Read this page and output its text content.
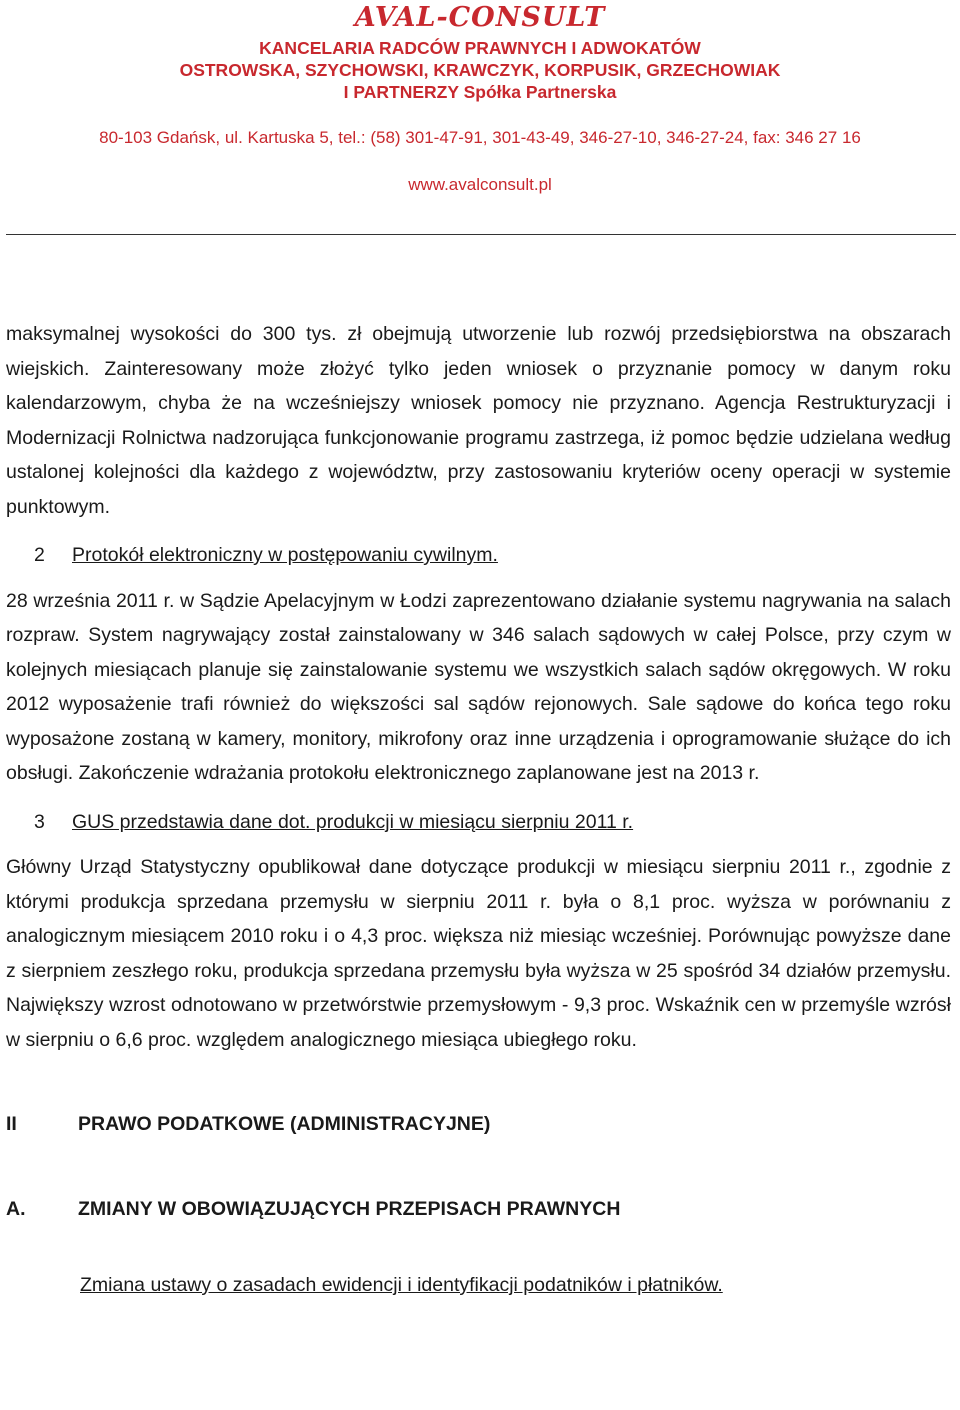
AVAL-CONSULT
KANCELARIA RADCÓW PRAWNYCH I ADWOKATÓW
OSTROWSKA, SZYCHOWSKI, KRAWCZYK, KORPUSIK, GRZECHOWIAK
I PARTNERZY Spółka Partnerska
80-103 Gdańsk, ul. Kartuska 5, tel.: (58) 301-47-91, 301-43-49, 346-27-10, 346-27-24, fax: 346 27 16
www.avalconsult.pl

maksymalnej wysokości do 300 tys. zł obejmują utworzenie lub rozwój przedsiębiorstwa na obszarach wiejskich. Zainteresowany może złożyć tylko jeden wniosek o przyznanie pomocy w danym roku kalendarzowym, chyba że na wcześniejszy wniosek pomocy nie przyznano. Agencja Restrukturyzacji i Modernizacji Rolnictwa nadzorująca funkcjonowanie programu zastrzega, iż pomoc będzie udzielana według ustalonej kolejności dla każdego z województw, przy zastosowaniu kryteriów oceny operacji w systemie punktowym.

2	Protokół elektroniczny w postępowaniu cywilnym.

28 września 2011 r. w Sądzie Apelacyjnym w Łodzi zaprezentowano działanie systemu nagrywania na salach rozpraw. System nagrywający został zainstalowany w 346 salach sądowych w całej Polsce, przy czym w kolejnych miesiącach planuje się zainstalowanie systemu we wszystkich salach sądów okręgowych. W roku 2012 wyposażenie trafi również do większości sal sądów rejonowych. Sale sądowe do końca tego roku wyposażone zostaną w kamery, monitory, mikrofony oraz inne urządzenia i oprogramowanie służące do ich obsługi. Zakończenie wdrażania protokołu elektronicznego zaplanowane jest na 2013 r.

3	GUS przedstawia dane dot. produkcji w miesiącu sierpniu 2011 r.

Główny Urząd Statystyczny opublikował dane dotyczące produkcji w miesiącu sierpniu 2011 r., zgodnie z którymi produkcja sprzedana przemysłu w sierpniu 2011 r. była o 8,1 proc. wyższa w porównaniu z analogicznym miesiącem 2010 roku i o 4,3 proc. większa niż miesiąc wcześniej. Porównując powyższe dane z sierpniem zeszłego roku, produkcja sprzedana przemysłu była wyższa w 25 spośród 34 działów przemysłu. Największy wzrost odnotowano w przetwórstwie przemysłowym - 9,3 proc. Wskaźnik cen w przemyśle wzrósł w sierpniu o 6,6 proc. względem analogicznego miesiąca ubiegłego roku.

II	PRAWO PODATKOWE (ADMINISTRACYJNE)
A.	ZMIANY W OBOWIĄZUJĄCYCH PRZEPISACH PRAWNYCH

Zmiana ustawy o zasadach ewidencji i identyfikacji podatników i płatników.
